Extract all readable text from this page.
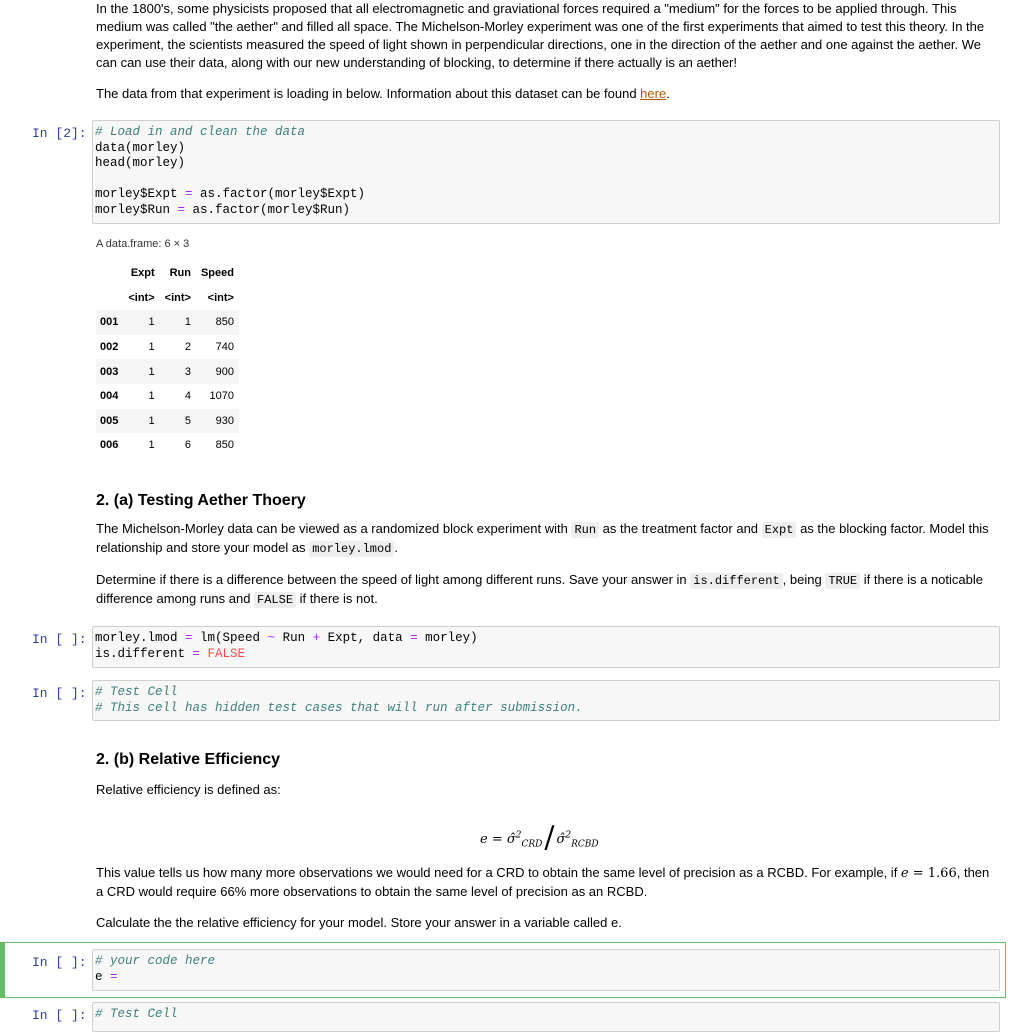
In the 1800's, some physicists proposed that all electromagnetic and graviational forces required a "medium" for the forces to be applied through. This medium was called "the aether" and filled all space. The Michelson-Morley experiment was one of the first experiments that aimed to test this theory. In the experiment, the scientists measured the speed of light shown in perpendicular directions, one in the direction of the aether and one against the aether. We can can use their data, along with our new understanding of blocking, to determine if there actually is an aether!

The data from that experiment is loading in below. Information about this dataset can be found here.

In [2]: # Load in and clean the data
data(morley)
head(morley)

morley$Expt = as.factor(morley$Expt)
morley$Run = as.factor(morley$Run)
A data.frame: 6 × 3
	Expt	Run	Speed
	<int>	<int>	<int>
001	1	1	850
002	1	2	740
003	1	3	900
004	1	4	1070
005	1	5	930
006	1	6	850
2. (a) Testing Aether Thoery

The Michelson-Morley data can be viewed as a randomized block experiment with Run as the treatment factor and Expt as the blocking factor. Model this relationship and store your model as morley.lmod .

Determine if there is a difference between the speed of light among different runs. Save your answer in is.different , being TRUE if there is a noticable difference among runs and FALSE if there is not.

In [ ]: morley.lmod = lm(Speed ~ Run + Expt, data = morley)
is.different = FALSE
In [ ]: # Test Cell
# This cell has hidden test cases that will run after submission.
2. (b) Relative Efficiency

Relative efficiency is defined as:

e = σ̂$^2_{CRD}$/ σ̂$^2_{RCBD}$

This value tells us how many more observations we would need for a CRD to obtain the same level of precision as a RCBD. For example, if e = 1.66, then a CRD would require 66% more observations to obtain the same level of precision as an RCBD.

Calculate the the relative efficiency for your model. Store your answer in a variable called e.

In [ ]: # your code here
e =
In [ ]: # Test Cell
